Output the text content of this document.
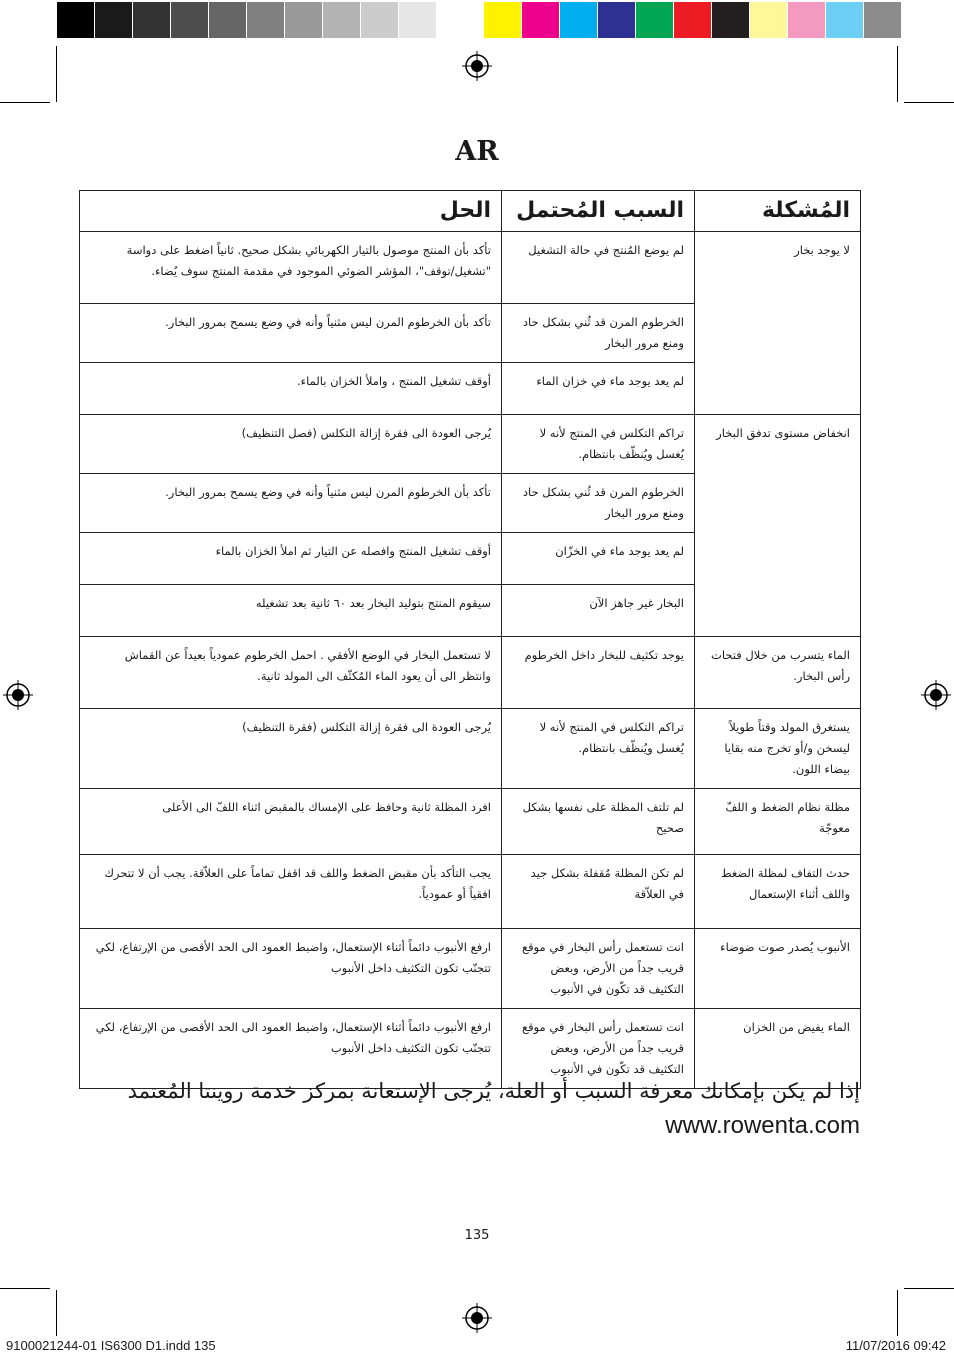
AR
المُشكلة	السبب المُحتمل	الحل
لا يوجد بخار	لم يوضع المُنتج في حالة التشغيل	تأكد بأن المنتج موصول بالتيار الكهربائي بشكل صحيح. ثانياً اضغط على دواسة "تشغيل/توقف"، المؤشر الضوئي الموجود في مقدمة المنتج سوف يُضاء.
	الخرطوم المرن قد ثُني بشكل حاد ومنع مرور البخار	تأكد بأن الخرطوم المرن ليس مثنياً وأنه في وضع يسمح بمرور البخار.
	لم يعد يوجد ماء في خزان الماء	أوقف تشغيل المنتج ، واملأ الخزان بالماء.
انخفاض مستوى تدفق البخار	تراكم التكلس في المنتج لأنه لا يُغسل ويُنظّف بانتظام.	يُرجى العودة الى فقرة إزالة التكلس (فصل التنظيف)
	الخرطوم المرن قد ثُني بشكل حاد ومنع مرور البخار	تأكد بأن الخرطوم المرن ليس مثنياً وأنه في وضع يسمح بمرور البخار.
	لم يعد يوجد ماء في الخزّان	أوقف تشغيل المنتج وافصله عن التيار ثم املأ الخزان بالماء
	البخار غير جاهز الآن	سيقوم المنتج بتوليد البخار بعد ٦٠ ثانية بعد تشغيله
الماء يتسرب من خلال فتحات رأس البخار.	يوجد تكثيف للبخار داخل الخرطوم	لا تستعمل البخار في الوضع الأفقي . احمل الخرطوم عمودياً بعيداً عن القماش وانتظر الى أن يعود الماء المُكثّف الى المولد ثانية.
يستغرق المولد وقتاً طويلاً ليسخن و/أو تخرج منه بقايا بيضاء اللون.	تراكم التكلس في المنتج لأنه لا يُغسل ويُنظّف بانتظام.	يُرجى العودة الى فقرة إزالة التكلس (فقرة التنظيف)
مظلة نظام الضغط و اللفّ معوجّة	لم تلتف المظلة على نفسها بشكل صحيح	افرد المظلة ثانية وحافظ على الإمساك بالمقبض اثناء اللفّ الى الأعلى
حدث التفاف لمظلة الضغط واللف أثناء الإستعمال	لم تكن المظلة مُقفلة بشكل جيد في العلاّقة	يجب التأكد بأن مقبض الضغط واللف قد اقفل تماماً على العلاّقة. يجب أن لا تتحرك افقياً أو عمودياً.
الأنبوب يُصدر صوت ضوضاء	انت تستعمل رأس البخار في موقع قريب جداً من الأرض، وبعض التكثيف قد تكّون في الأنبوب	ارفع الأنبوب دائماً أثناء الإستعمال، واضبط العمود الى الحد الأقصى من الإرتفاع، لكي تتجنّب تكون التكثيف داخل الأنبوب
الماء يفيض من الخزان	انت تستعمل رأس البخار في موقع قريب جداً من الأرض، وبعض التكثيف قد تكّون في الأنبوب	ارفع الأنبوب دائماً أثناء الإستعمال، واضبط العمود الى الحد الأقصى من الإرتفاع، لكي تتجنّب تكون التكثيف داخل الأنبوب
إذا لم يكن بإمكانك معرفة السبب أو العلة، يُرجى الإستعانة بمركز خدمة روينتا المُعتمد
www.rowenta.com
135
9100021244-01 IS6300 D1.indd 135	11/07/2016 09:42
